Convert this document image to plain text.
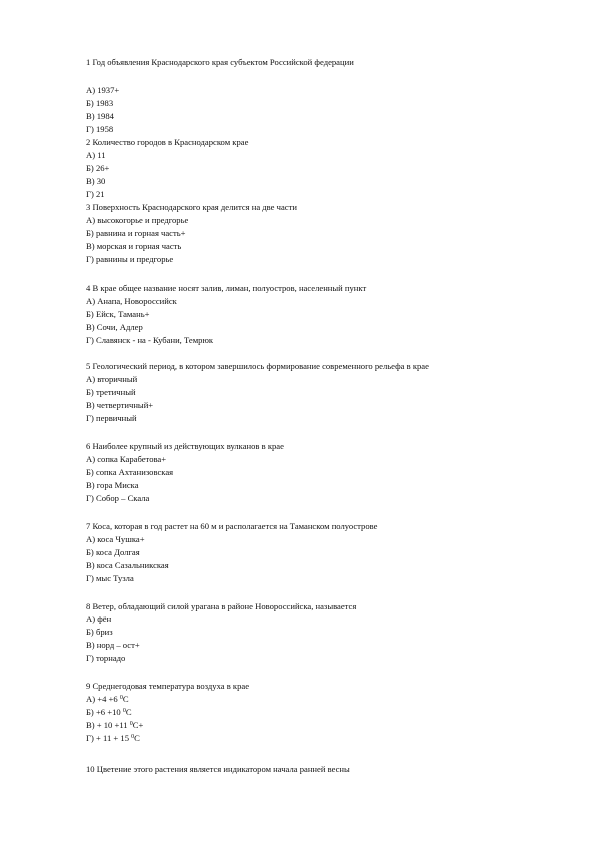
1 Год объявления Краснодарского края субъектом Российской федерации
А) 1937+
Б) 1983
В) 1984
Г) 1958
2 Количество городов в Краснодарском крае
А) 11
Б) 26+
В) 30
Г) 21
3 Поверхность Краснодарского края делится на две части
А) высокогорье и предгорье
Б) равнина и горная часть+
В) морская и горная часть
Г) равнины и предгорье
4 В крае общее название носят залив, лиман, полуостров, населенный пункт
А) Анапа, Новороссийск
Б) Ейск, Тамань+
В) Сочи, Адлер
Г) Славянск - на - Кубани, Темрюк
5 Геологический период, в котором завершилось формирование современного рельефа в крае
А) вторичный
Б) третичный
В) четвертичный+
Г) первичный
6 Наиболее крупный из действующих вулканов в крае
А) сопка Карабетова+
Б) сопка Ахтанизовская
В) гора Миска
Г) Собор – Скала
7 Коса, которая в год растет на 60 м и располагается на Таманском полуострове
А) коса Чушка+
Б) коса Долгая
В) коса Сазальникская
Г) мыс Тузла
8 Ветер, обладающий силой урагана в районе Новороссийска, называется
А) фён
Б) бриз
В) норд – ост+
Г) торнадо
9 Среднегодовая температура воздуха в крае
А) +4 +6 $^0$С
Б) +6 +10 $^0$С
В) + 10 +11 $^0$С+
Г) + 11 + 15 $^0$С
10 Цветение этого растения является индикатором начала ранней весны
